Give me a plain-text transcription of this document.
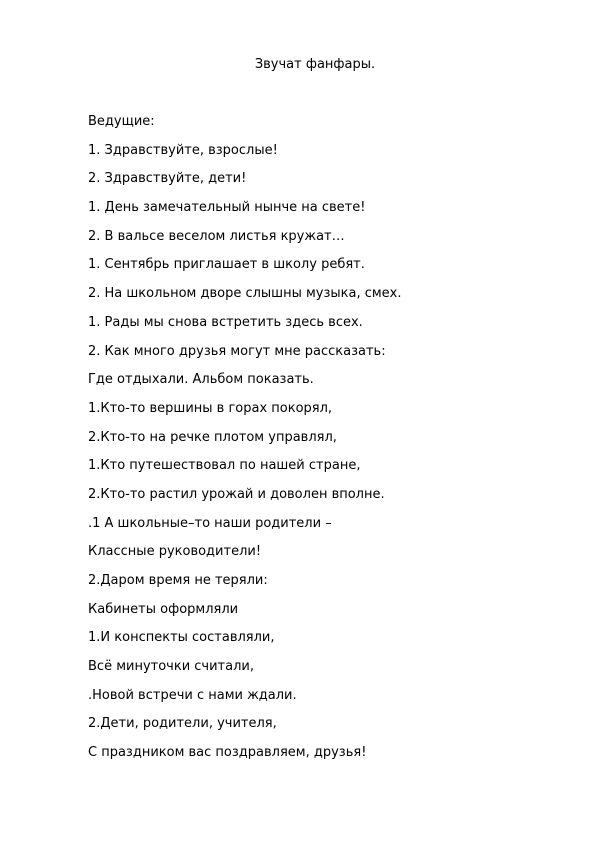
Звучат фанфары.
Ведущие:
1. Здравствуйте, взрослые!
2. Здравствуйте, дети!
1. День замечательный нынче на свете!
2. В вальсе веселом листья кружат…
1. Сентябрь приглашает в школу ребят.
2. На школьном дворе слышны музыка, смех.
1. Рады мы снова встретить здесь всех.
2. Как много друзья могут мне рассказать:
Где отдыхали. Альбом показать.
1.Кто-то вершины в горах покорял,
2.Кто-то на речке плотом управлял,
1.Кто путешествовал по нашей стране,
2.Кто-то растил урожай и доволен вполне.
.1 А школьные–то наши родители –
Классные руководители!
2.Даром время не теряли:
Кабинеты оформляли
1.И конспекты составляли,
Всё минуточки считали,
.Новой встречи с нами ждали.
2.Дети, родители, учителя,
С праздником вас поздравляем, друзья!
